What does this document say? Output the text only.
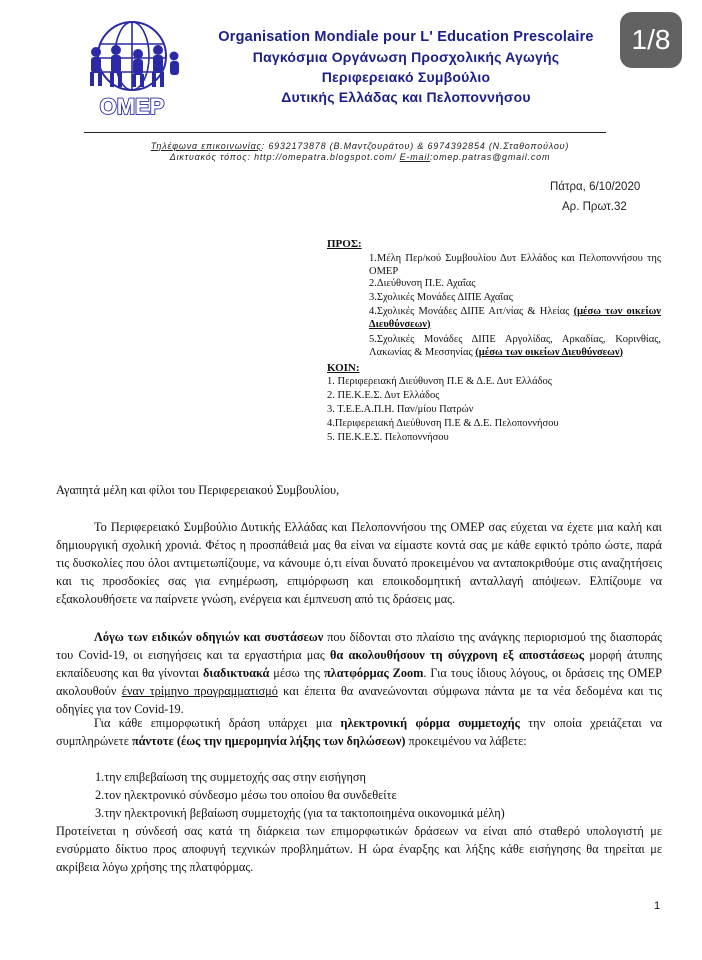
OMEP
Organisation Mondiale pour L' Education Prescolaire
Παγκόσμια Οργάνωση Προσχολικής Αγωγής
Περιφερειακό Συμβούλιο
Δυτικής Ελλάδας και Πελοποννήσου
1/8
Τηλέφωνα επικοινωνίας: 6932173878 (Β.Μαντζουράτου) & 6974392854 (Ν.Σταθοπούλου)
Δικτυακός τόπος: http://omepatra.blogspot.com/ E-mail:omep.patras@gmail.com
Πάτρα, 6/10/2020
Αρ. Πρωτ.32
ΠΡΟΣ:
1.Μέλη Περ/κού Συμβουλίου Δυτ Ελλάδος και Πελοποννήσου της ΟΜΕΡ
2.Διεύθυνση Π.Ε. Αχαΐας
3.Σχολικές Μονάδες ΔΙΠΕ Αχαΐας
4.Σχολικές Μονάδες ΔΙΠΕ Αιτ/νίας & Ηλείας (μέσω των οικείων Διευθύνσεων)
5.Σχολικές Μονάδες ΔΙΠΕ Αργολίδας, Αρκαδίας, Κορινθίας, Λακωνίας & Μεσσηνίας (μέσω των οικείων Διευθύνσεων)
ΚΟΙΝ:
1. Περιφερειακή Διεύθυνση Π.Ε & Δ.Ε. Δυτ Ελλάδος
2. ΠΕ.Κ.Ε.Σ. Δυτ Ελλάδος
3. Τ.Ε.Ε.Α.Π.Η. Παν/μίου Πατρών
4.Περιφερειακή Διεύθυνση Π.Ε & Δ.Ε. Πελοποννήσου
5. ΠΕ.Κ.Ε.Σ. Πελοποννήσου
Αγαπητά μέλη και φίλοι του Περιφερειακού Συμβουλίου,
Το Περιφερειακό Συμβούλιο Δυτικής Ελλάδας και Πελοποννήσου της ΟΜΕΡ σας εύχεται να έχετε μια καλή και δημιουργική σχολική χρονιά. Φέτος η προσπάθειά μας θα είναι να είμαστε κοντά σας με κάθε εφικτό τρόπο ώστε, παρά τις δυσκολίες που όλοι αντιμετωπίζουμε, να κάνουμε ό,τι είναι δυνατό προκειμένου να ανταποκριθούμε στις αναζητήσεις και τις προσδοκίες σας για ενημέρωση, επιμόρφωση και εποικοδομητική ανταλλαγή απόψεων. Ελπίζουμε να εξακολουθήσετε να παίρνετε γνώση, ενέργεια και έμπνευση από τις δράσεις μας.
Λόγω των ειδικών οδηγιών και συστάσεων που δίδονται στο πλαίσιο της ανάγκης περιορισμού της διασποράς του Covid-19, οι εισηγήσεις και τα εργαστήρια μας θα ακολουθήσουν τη σύγχρονη εξ αποστάσεως μορφή άτυπης εκπαίδευσης και θα γίνονται διαδικτυακά μέσω της πλατφόρμας Zoom. Για τους ίδιους λόγους, οι δράσεις της ΟΜΕΡ ακολουθούν έναν τρίμηνο προγραμματισμό και έπειτα θα ανανεώνονται σύμφωνα πάντα με τα νέα δεδομένα και τις οδηγίες για τον Covid-19.
Για κάθε επιμορφωτική δράση υπάρχει μια ηλεκτρονική φόρμα συμμετοχής την οποία χρειάζεται να συμπληρώνετε πάντοτε (έως την ημερομηνία λήξης των δηλώσεων) προκειμένου να λάβετε:
1.την επιβεβαίωση της συμμετοχής σας στην εισήγηση
2.τον ηλεκτρονικό σύνδεσμο μέσω του οποίου θα συνδεθείτε
3.την ηλεκτρονική βεβαίωση συμμετοχής (για τα τακτοποιημένα οικονομικά μέλη)
Προτείνεται η σύνδεσή σας κατά τη διάρκεια των επιμορφωτικών δράσεων να είναι από σταθερό υπολογιστή με ενσύρματο δίκτυο προς αποφυγή τεχνικών προβλημάτων. Η ώρα έναρξης και λήξης κάθε εισήγησης θα τηρείται με ακρίβεια λόγω χρήσης της πλατφόρμας.
1
